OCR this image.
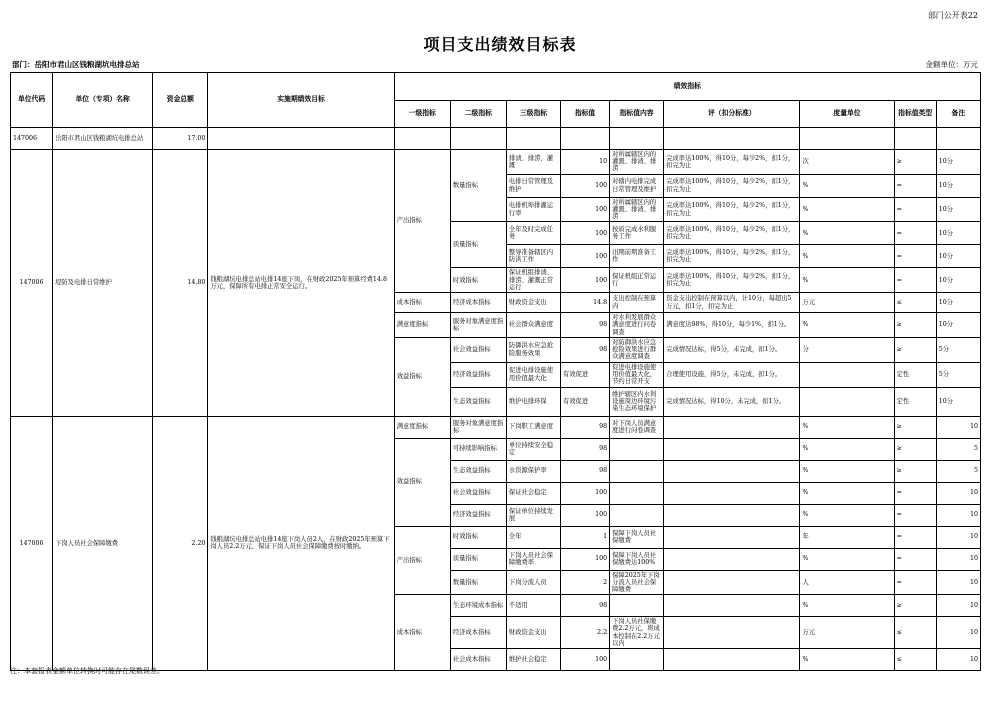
部门公开表22
项目支出绩效目标表
部门：岳阳市君山区钱粮湖坑电排总站	金额单位：万元
单位代码	单位（专项）名称	资金总额	实施期绩效目标	绩效指标								
				一级指标	二级指标	三级指标	指标值	指标值内容	评（扣分标准）	度量单位	指标值类型	备注
147006	岳阳市君山区钱粮湖坑电排总站	17.00										
147006	堤防及电排日常维护	14.80	钱粮湖坑电排总站电排14座下岗，在财政2025年预算经费14.8万元，保障所有电排正常安全运行。	产出指标	数量指标	排渍、排涝、灌溉	10	对所属辖区内的灌溉、排渍、排涝	完成率达100%，得10分，每少2%，扣1分，扣完为止	次	≥	10分
						电排日常管理及维护	100	对辖内电排完成日常管理及维护	完成率达100%，得10分，每少2%，扣1分，扣完为止	%	=	10分
						电排机埠排灌运行率	100	对所属辖区内的灌溉、排渍、排涝	完成率达100%，得10分，每少2%，扣1分，扣完为止	%	=	10分
					质量指标	全年及时完成任务	100	按质完成水利服务工作	完成率达100%，得10分，每少2%，扣1分，扣完为止	%	=	10分
						整导准备辖区内防洪工作	100	汛期前期准备工作	完成率达100%，得10分，每少2%，扣1分，扣完为止	%	=	10分
					时效指标	保证机组排渍、排涝、灌溉正常运行	100	保证机组正常运行	完成率达100%，得10分，每少2%，扣1分，扣完为止	%	=	10分
				成本指标	经济成本指标	财政资金支出	14.8	支出控制在预算内	资金支出控制在预算以内，计10分，每超出5万元，扣1分，扣完为止	万元	≤	10分
				满意度指标	服务对象满意度指标	社会群众满意度	98	对水利发展群众满意度进行问卷调查	满意度达98%，得10分，每少1%，扣1分。	%	≥	10分
				效益指标	社会效益指标	防御洪水应急抢险服务效果	98	对防御洪水应急抢险效果进行群众满意度调查	完成情况达标，得5分，未完成，扣1分。	分	≥	5分
					经济效益指标	促进电排设施使用价值最大化	有效促进	促进电排设施使用价值最大化，节约日常开支	合理使用设施，得5分，未完成，扣1分。		定性	5分
					生态效益指标	维护电排环保	有效促进	维护辖区内水利设施周边环境污染生态环境保护	完成情况达标，得10分，未完成，扣1分。		定性	10分
147006	下岗人员社会保障缴费	2.20	钱粮湖坑电排总站电排14座下岗人员2人，在财政2025年预算下岗人员2.2万元，保证下岗人员社会保障缴费按时缴纳。	满意度指标	服务对象满意度指标	下岗职工满意度	98	对下岗人员满意度进行问卷调查		%	≥	10
				效益指标	可持续影响指标	单位持续安全稳定	98			%	≥	5
					生态效益指标	水资源保护率	98			%	≥	5
					社会效益指标	保证社会稳定	100			%	=	10
					经济效益指标	保证单位持续发展	100			%	=	10
				产出指标	时效指标	全年	1	保障下岗人员社保缴费		年	=	10
					质量指标	下岗人员社会保障缴费率	100	保障下岗人员社保缴费达100%		%	=	10
					数量指标	下岗分流人员	2	保障2025年下岗分流人员社会保障缴费		人	=	10
				成本指标	生态环境成本指标	不适用	98			%	≥	10
					经济成本指标	财政资金支出	2.2	下岗人员社保缴费2.2万元，将成本控制在2.2万元以内		万元	≤	10
					社会成本指标	维护社会稳定	100			%	≤	10
注：本套报表金额单位转换时可能存在尾数误差。
